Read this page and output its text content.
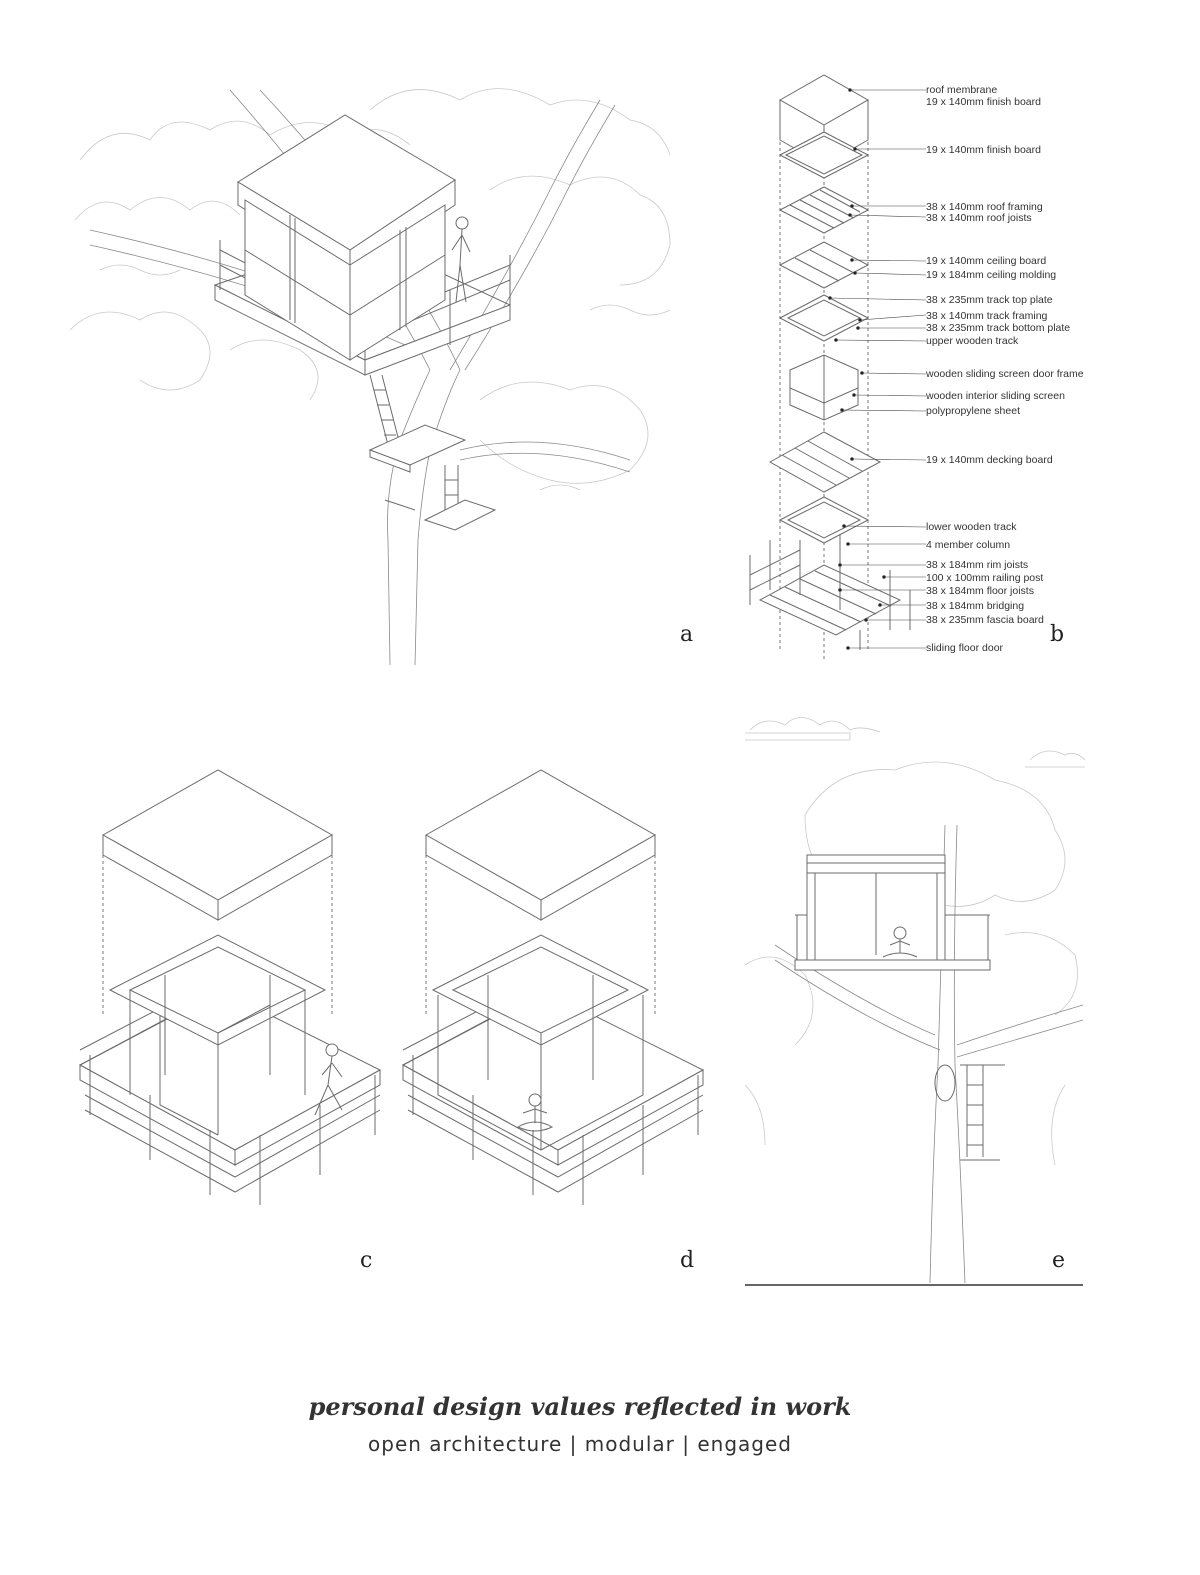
a
roof membrane
19 x 140mm finish board
19 x 140mm finish board
38 x 140mm roof framing
38 x 140mm roof joists
19 x 140mm ceiling board
19 x 184mm ceiling molding
38 x 235mm track top plate
38 x 140mm track framing
38 x 235mm track bottom plate
upper wooden track
wooden sliding screen door frame
wooden interior sliding screen
polypropylene sheet
19 x 140mm decking board
lower wooden track
4 member column
38 x 184mm rim joists
100 x 100mm railing post
38 x 184mm floor joists
38 x 184mm bridging
38 x 235mm fascia board
sliding floor door
b
c	d	e
personal design values reflected in work
open architecture | modular | engaged
